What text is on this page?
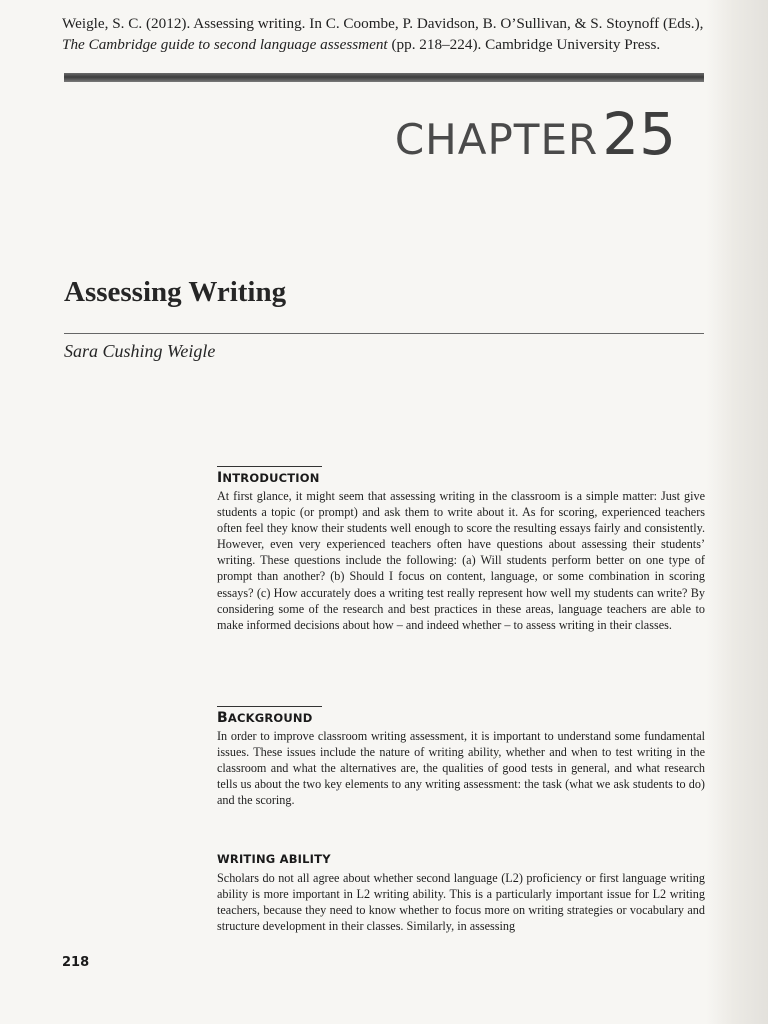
Weigle, S. C. (2012). Assessing writing. In C. Coombe, P. Davidson, B. O’Sullivan, & S. Stoynoff (Eds.),
The Cambridge guide to second language assessment (pp. 218–224). Cambridge University Press.
CHAPTER25
Assessing Writing
Sara Cushing Weigle
INTRODUCTION

At first glance, it might seem that assessing writing in the classroom is a simple matter: Just give students a topic (or prompt) and ask them to write about it. As for scoring, experienced teachers often feel they know their students well enough to score the resulting essays fairly and consistently. However, even very experienced teachers often have questions about assessing their students’ writing. These questions include the following: (a) Will students perform better on one type of prompt than another? (b) Should I focus on content, language, or some combination in scoring essays? (c) How accurately does a writing test really represent how well my students can write? By considering some of the research and best practices in these areas, language teachers are able to make informed decisions about how – and indeed whether – to assess writing in their classes.

BACKGROUND

In order to improve classroom writing assessment, it is important to understand some fundamental issues. These issues include the nature of writing ability, whether and when to test writing in the classroom and what the alternatives are, the qualities of good tests in general, and what research tells us about the two key elements to any writing assessment: the task (what we ask students to do) and the scoring.

WRITING ABILITY

Scholars do not all agree about whether second language (L2) proficiency or first language writing ability is more important in L2 writing ability. This is a particularly important issue for L2 writing teachers, because they need to know whether to focus more on writing strategies or vocabulary and structure development in their classes. Similarly, in assessing

218
